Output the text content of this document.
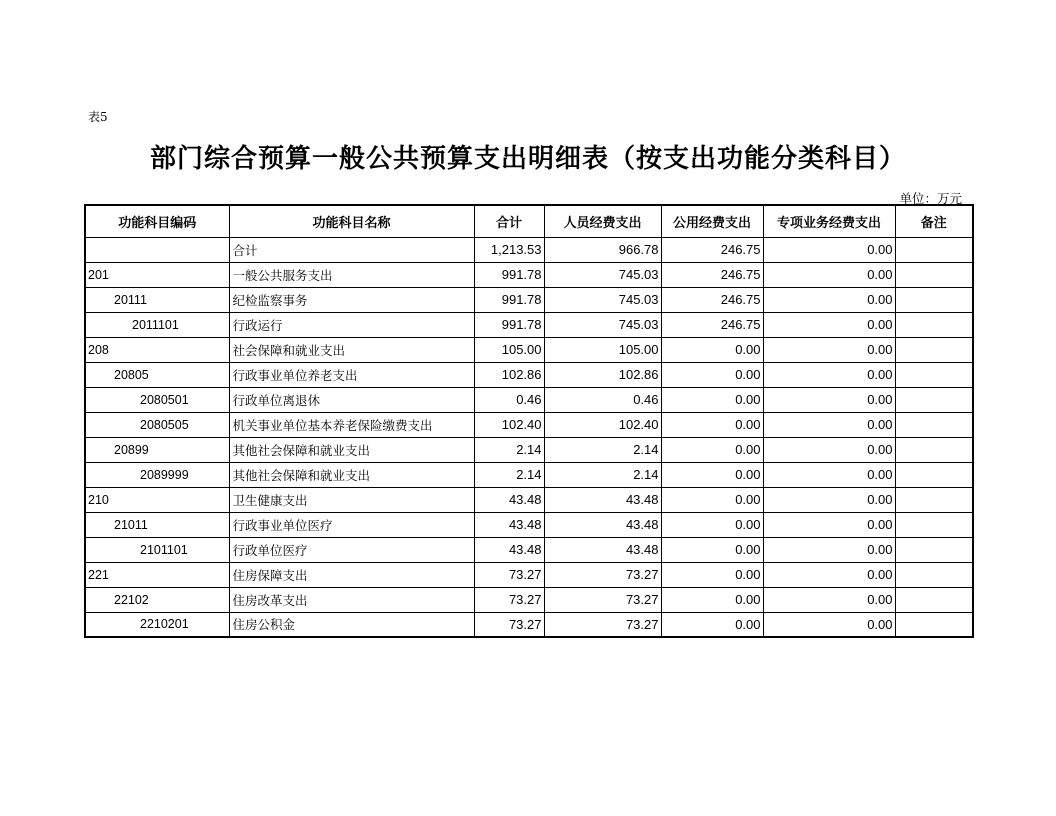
表5
部门综合预算一般公共预算支出明细表（按支出功能分类科目）
单位：万元
功能科目编码	功能科目名称	合计	人员经费支出	公用经费支出	专项业务经费支出	备注
	合计	1,213.53	966.78	246.75	0.00	
201	一般公共服务支出	991.78	745.03	246.75	0.00	
20111	纪检监察事务	991.78	745.03	246.75	0.00	
2011101	行政运行	991.78	745.03	246.75	0.00	
208	社会保障和就业支出	105.00	105.00	0.00	0.00	
20805	行政事业单位养老支出	102.86	102.86	0.00	0.00	
2080501	行政单位离退休	0.46	0.46	0.00	0.00	
2080505	机关事业单位基本养老保险缴费支出	102.40	102.40	0.00	0.00	
20899	其他社会保障和就业支出	2.14	2.14	0.00	0.00	
2089999	其他社会保障和就业支出	2.14	2.14	0.00	0.00	
210	卫生健康支出	43.48	43.48	0.00	0.00	
21011	行政事业单位医疗	43.48	43.48	0.00	0.00	
2101101	行政单位医疗	43.48	43.48	0.00	0.00	
221	住房保障支出	73.27	73.27	0.00	0.00	
22102	住房改革支出	73.27	73.27	0.00	0.00	
2210201	住房公积金	73.27	73.27	0.00	0.00	
